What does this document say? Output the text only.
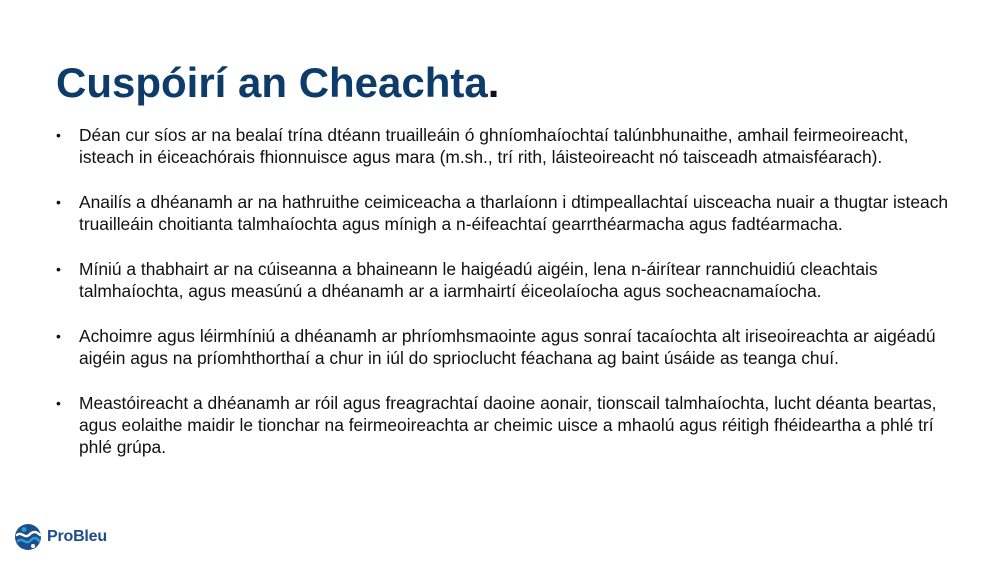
Cuspóirí an Cheachta.
• Déan cur síos ar na bealaí trína dtéann truailleáin ó ghníomhaíochtaí talúnbhunaithe, amhail feirmeoireacht, isteach in éiceachórais fhionnuisce agus mara (m.sh., trí rith, láisteoireacht nó taisceadh atmaisféarach).
• Anailís a dhéanamh ar na hathruithe ceimiceacha a tharlaíonn i dtimpeallachtaí uisceacha nuair a thugtar isteach truailleáin choitianta talmhaíochta agus mínigh a n-éifeachtaí gearrthéarmacha agus fadtéarmacha.
• Míniú a thabhairt ar na cúiseanna a bhaineann le haigéadú aigéin, lena n-áirítear rannchuidiú cleachtais talmhaíochta, agus measúnú a dhéanamh ar a iarmhairtí éiceolaíocha agus socheacnamaíocha.
• Achoimre agus léirmhíniú a dhéanamh ar phríomhsmaointe agus sonraí tacaíochta alt iriseoireachta ar aigéadú aigéin agus na príomhthorthaí a chur in iúl do sprioclucht féachana ag baint úsáide as teanga chuí.
• Meastóireacht a dhéanamh ar róil agus freagrachtaí daoine aonair, tionscail talmhaíochta, lucht déanta beartas, agus eolaithe maidir le tionchar na feirmeoireachta ar cheimic uisce a mhaolú agus réitigh fhéideartha a phlé trí phlé grúpa.
ProBleu
